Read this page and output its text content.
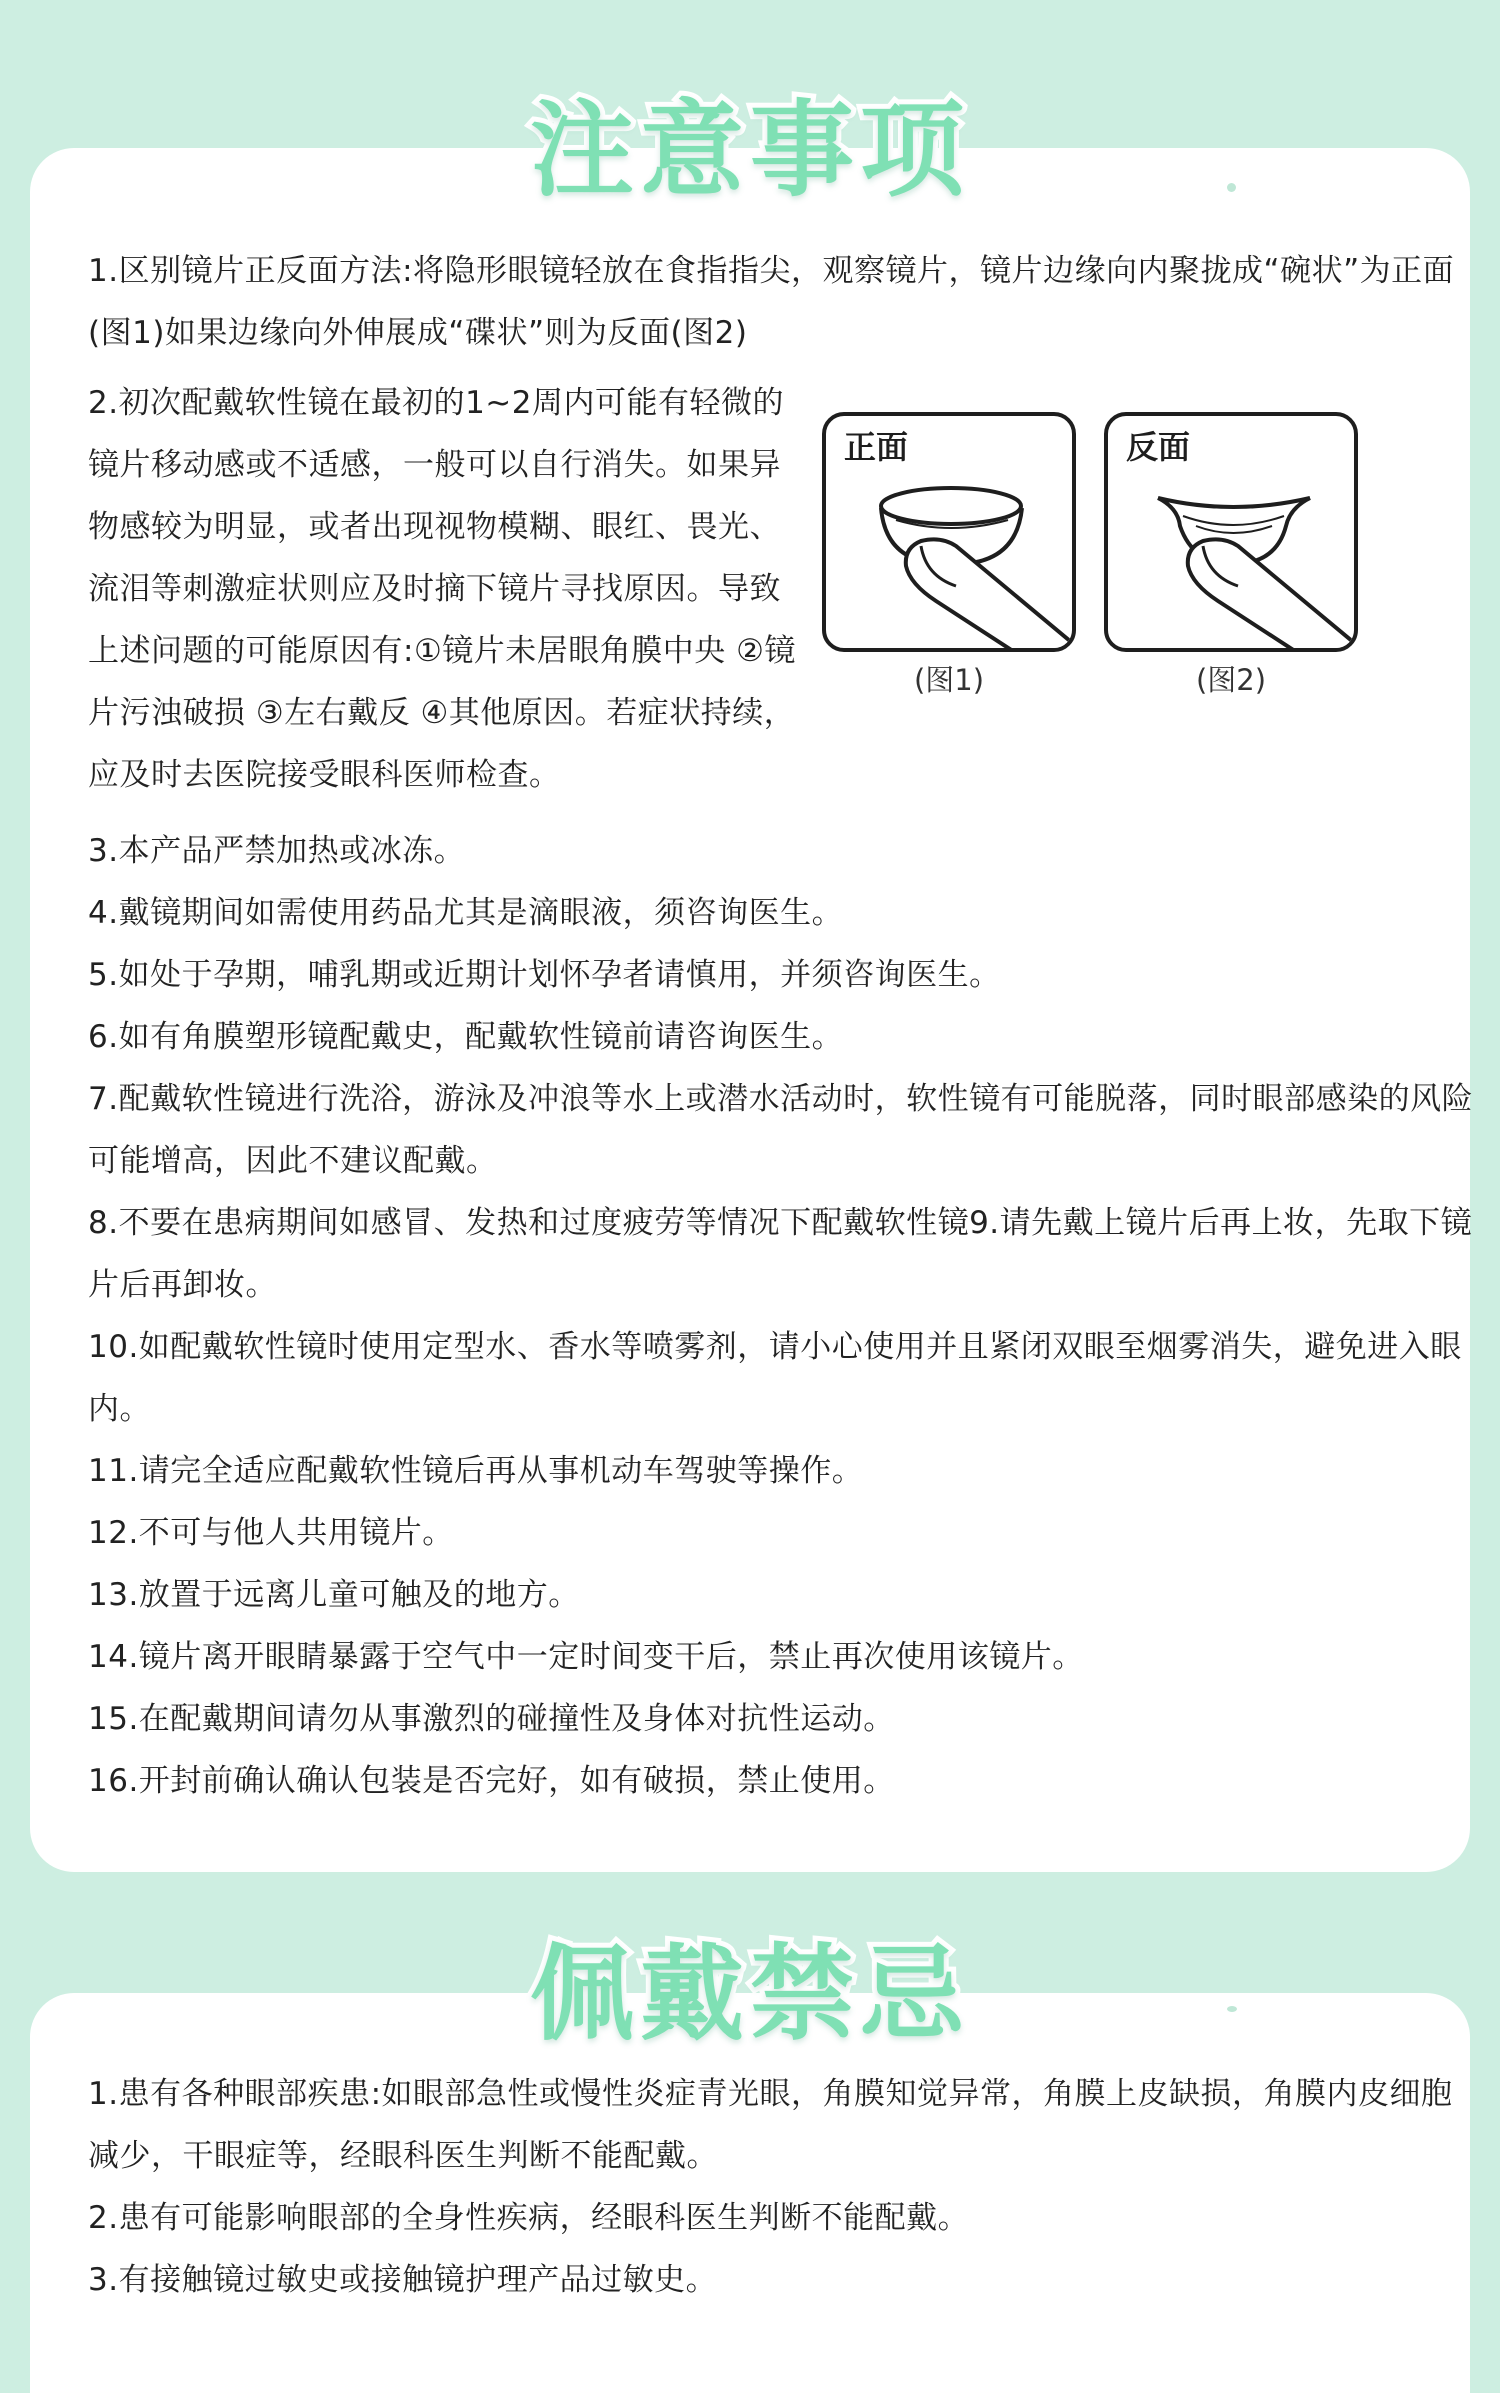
注意事项

1.区别镜片正反面方法:将隐形眼镜轻放在食指指尖，观察镜片，镜片边缘向内聚拢成“碗状”为正面(图1)如果边缘向外伸展成“碟状”则为反面(图2)

2.初次配戴软性镜在最初的1~2周内可能有轻微的镜片移动感或不适感，一般可以自行消失。如果异物感较为明显，或者出现视物模糊、眼红、畏光、流泪等刺激症状则应及时摘下镜片寻找原因。导致上述问题的可能原因有:①镜片未居眼角膜中央 ②镜片污浊破损 ③左右戴反 ④其他原因。若症状持续，应及时去医院接受眼科医师检查。

正面
(图1)
反面
(图2)

3.本产品严禁加热或冰冻。

4.戴镜期间如需使用药品尤其是滴眼液，须咨询医生。

5.如处于孕期，哺乳期或近期计划怀孕者请慎用，并须咨询医生。

6.如有角膜塑形镜配戴史，配戴软性镜前请咨询医生。

7.配戴软性镜进行洗浴，游泳及冲浪等水上或潜水活动时，软性镜有可能脱落，同时眼部感染的风险可能增高，因此不建议配戴。

8.不要在患病期间如感冒、发热和过度疲劳等情况下配戴软性镜9.请先戴上镜片后再上妆，先取下镜片后再卸妆。

10.如配戴软性镜时使用定型水、香水等喷雾剂，请小心使用并且紧闭双眼至烟雾消失，避免进入眼内。

11.请完全适应配戴软性镜后再从事机动车驾驶等操作。

12.不可与他人共用镜片。

13.放置于远离儿童可触及的地方。

14.镜片离开眼睛暴露于空气中一定时间变干后，禁止再次使用该镜片。

15.在配戴期间请勿从事激烈的碰撞性及身体对抗性运动。

16.开封前确认确认包装是否完好，如有破损，禁止使用。

佩戴禁忌

1.患有各种眼部疾患:如眼部急性或慢性炎症青光眼，角膜知觉异常，角膜上皮缺损，角膜内皮细胞减少，干眼症等，经眼科医生判断不能配戴。

2.患有可能影响眼部的全身性疾病，经眼科医生判断不能配戴。

3.有接触镜过敏史或接触镜护理产品过敏史。
